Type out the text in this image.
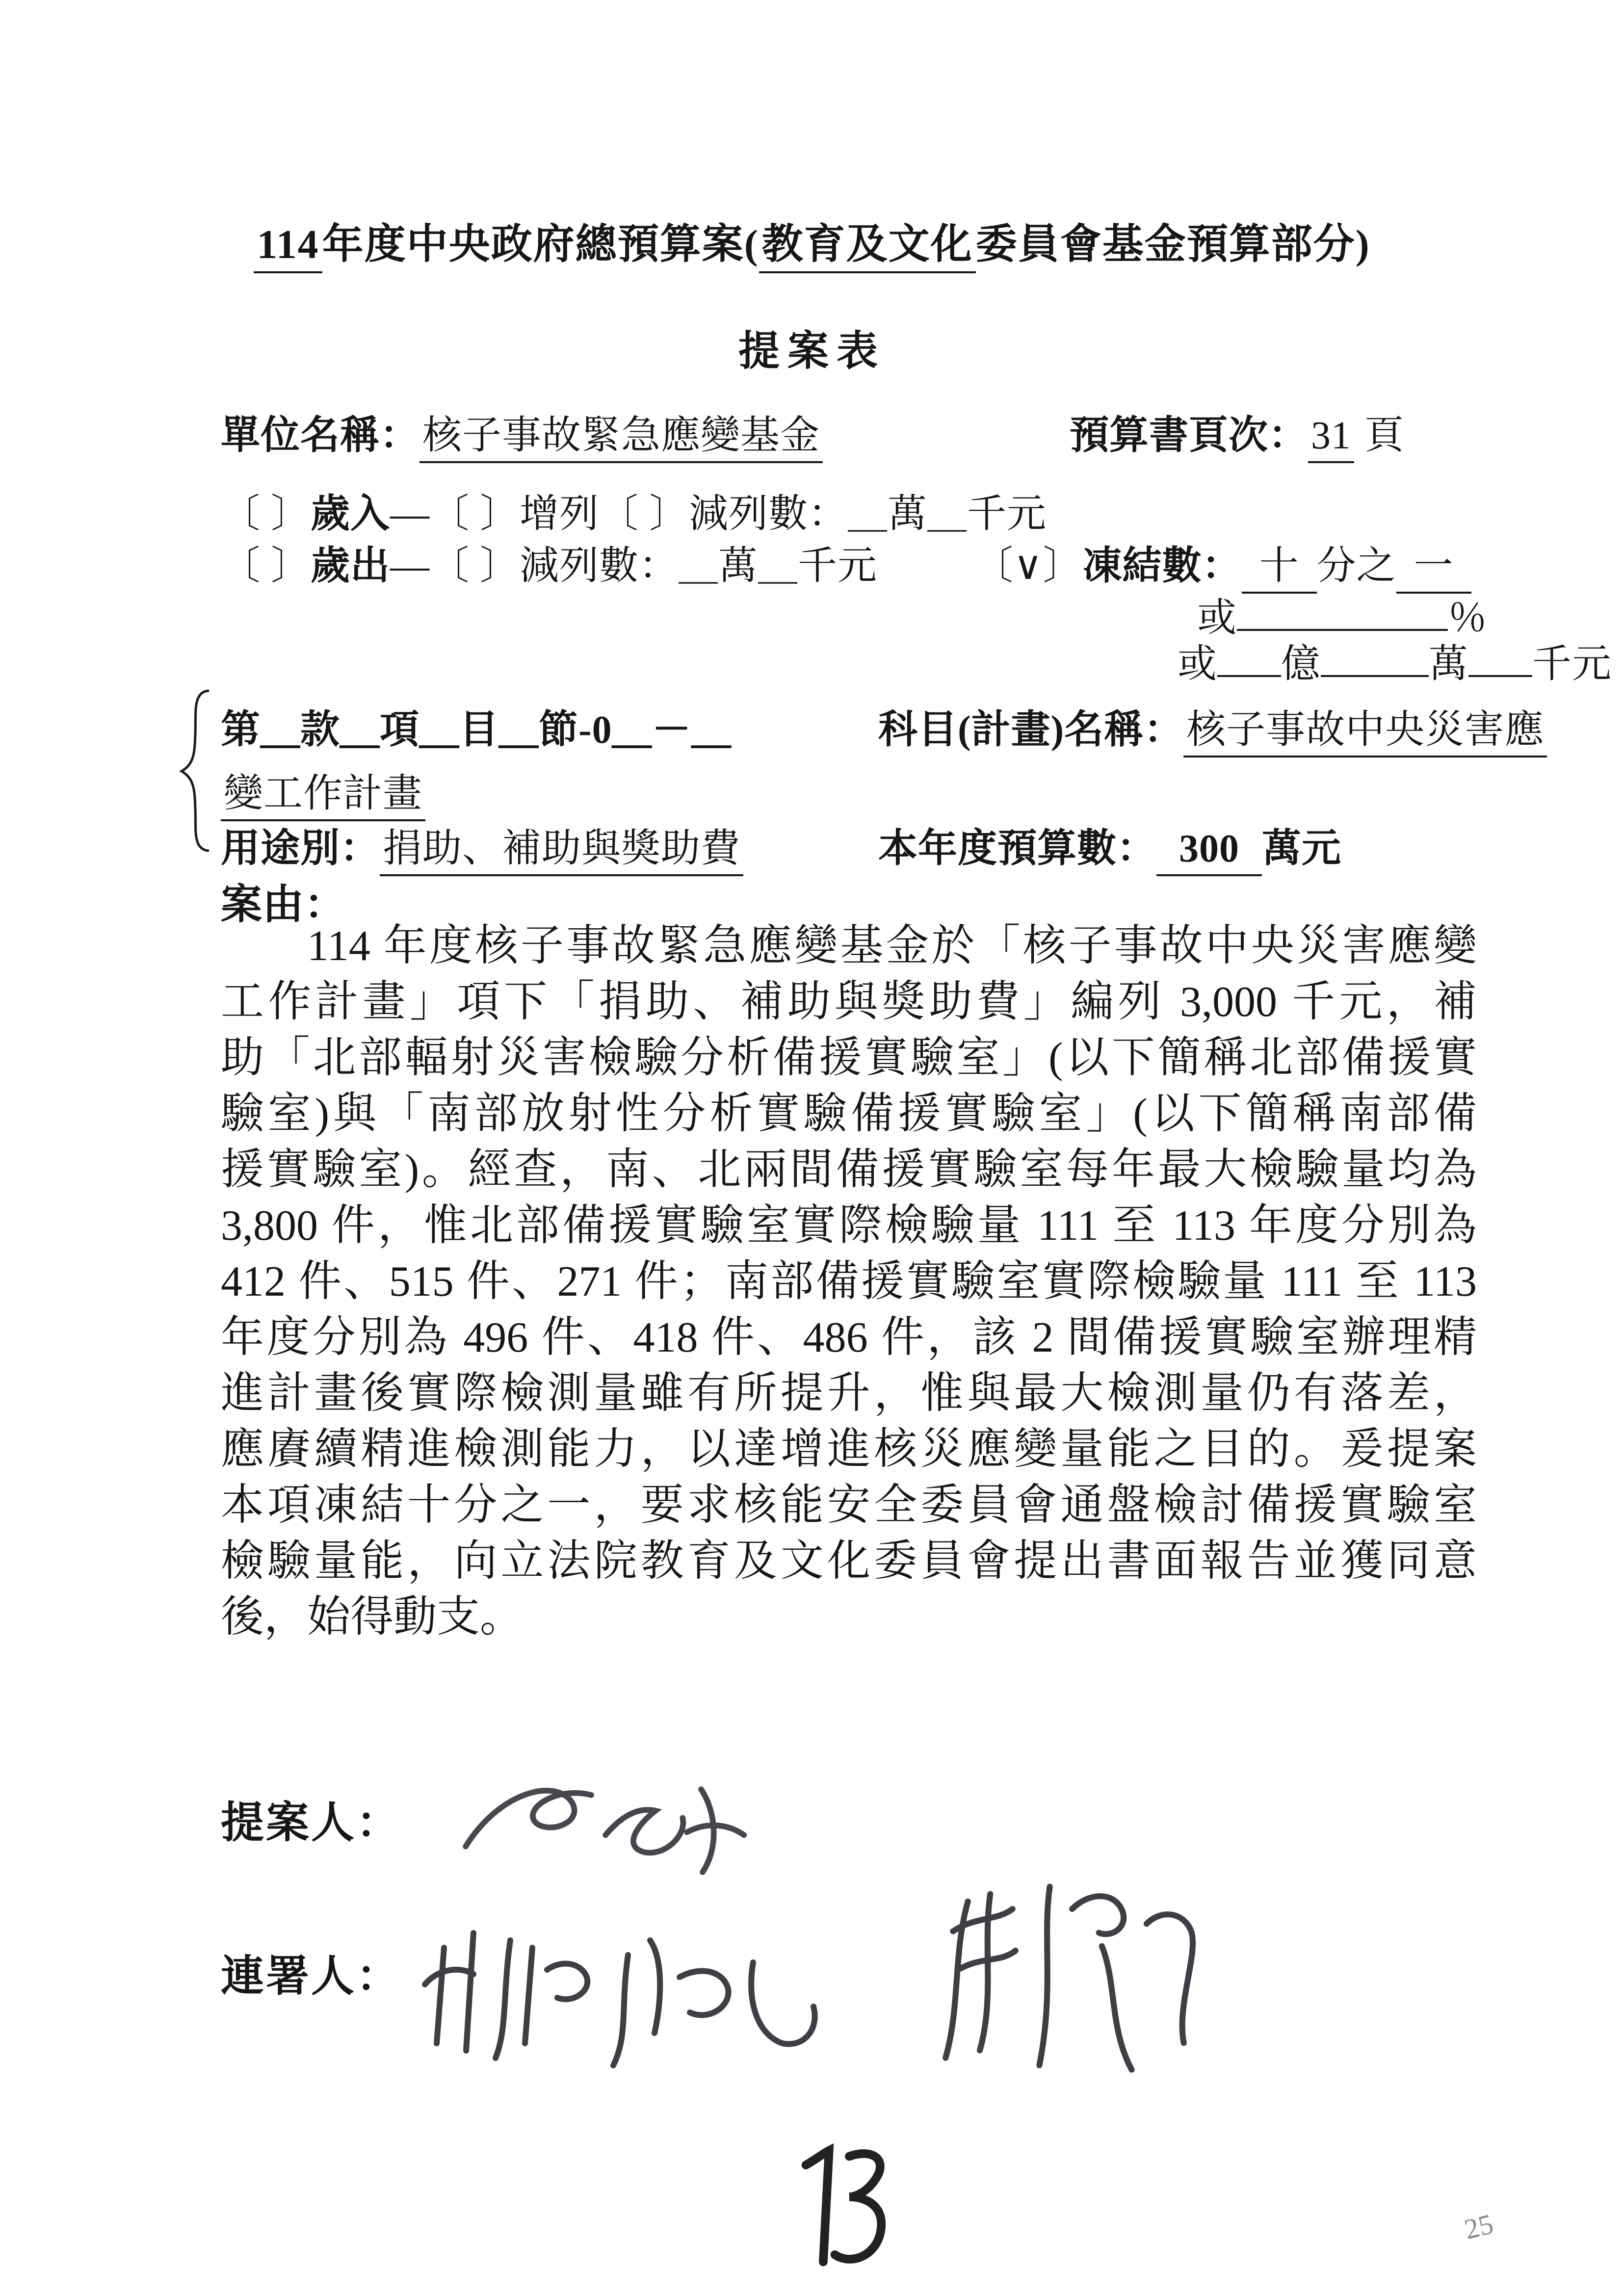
114年度中央政府總預算案(教育及文化委員會基金預算部分)
提案表
單位名稱：核子事故緊急應變基金	預算書頁次：31 頁
〔 〕歲入—〔 〕增列〔 〕減列數：＿萬＿千元
〔 〕歲出—〔 〕減列數：＿萬＿千元 〔∨〕凍結數： 十 分之 一
或	％
或 億	萬 千元
第＿款＿項＿目＿節-0＿－＿	科目(計畫)名稱：核子事故中央災害應
變工作計畫
用途別：捐助、補助與獎助費	本年度預算數： 300 萬元
案由：
114 年度核子事故緊急應變基金於「核子事故中央災害應變
工作計畫」項下「捐助、補助與獎助費」編列 3,000 千元，補
助「北部輻射災害檢驗分析備援實驗室」(以下簡稱北部備援實
驗室)與「南部放射性分析實驗備援實驗室」(以下簡稱南部備
援實驗室)。經查，南、北兩間備援實驗室每年最大檢驗量均為
3,800 件，惟北部備援實驗室實際檢驗量 111 至 113 年度分別為
412 件、515 件、271 件；南部備援實驗室實際檢驗量 111 至 113
年度分別為 496 件、418 件、486 件，該 2 間備援實驗室辦理精
進計畫後實際檢測量雖有所提升，惟與最大檢測量仍有落差，
應賡續精進檢測能力，以達增進核災應變量能之目的。爰提案
本項凍結十分之一，要求核能安全委員會通盤檢討備援實驗室
檢驗量能，向立法院教育及文化委員會提出書面報告並獲同意
後，始得動支。
提案人：
連署人：
25
